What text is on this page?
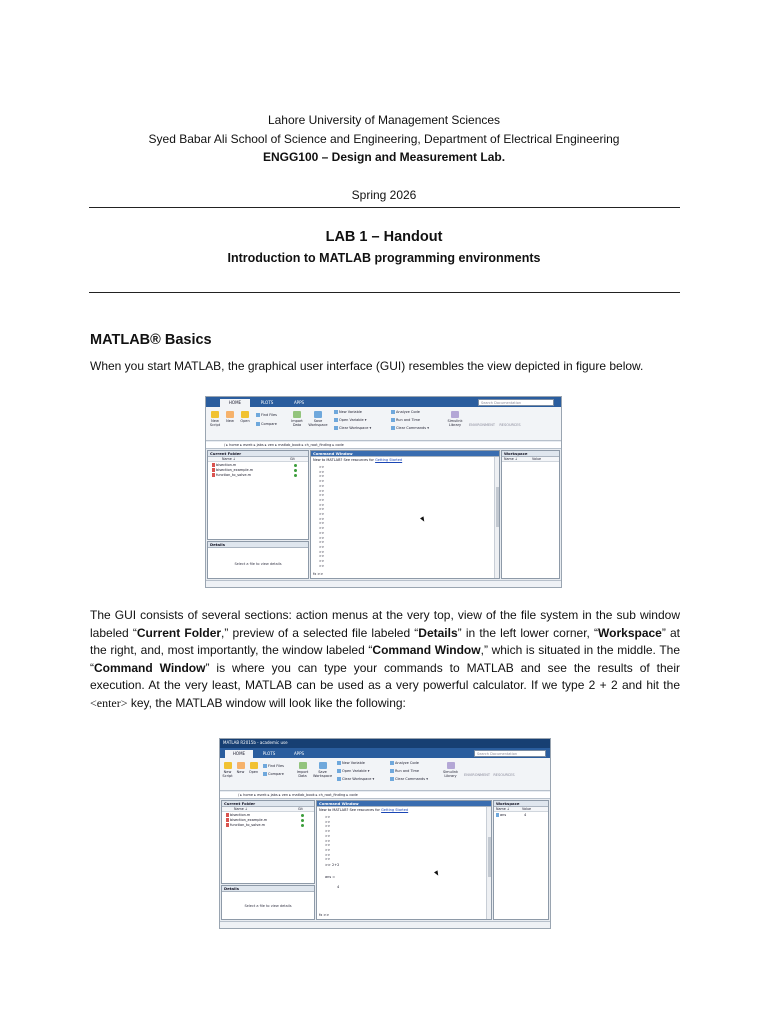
Lahore University of Management Sciences
Syed Babar Ali School of Science and Engineering, Department of Electrical Engineering
ENGG100 – Design and Measurement Lab.
Spring 2026
LAB 1 – Handout
Introduction to MATLAB programming environments
MATLAB® Basics
When you start MATLAB, the graphical user interface (GUI) resembles the view depicted in figure below.
HOME	PLOTS	APPS	Search Documentation
New Script
New	Open
Find Files
Compare
Import Data
Save Workspace
New Variable
Open Variable ▾
Clear Workspace ▾
Analyze Code
Run and Time
Clear Commands ▾
Simulink Library	ENVIRONMENT	RESOURCES
/ ▸ home ▸ esrek ▸ jabs ▸ ven ▸ matlab_book ▸ ch_root_finding ▸ code
Current Folder
Name ↓	Git
bisection.m
bisection_example.m
function_to_solve.m
Details
Select a file to view details
Command Window
New to MATLAB? See resources for Getting Started
>>
>>
>>
>>
>>
>>
>>
>>
>>
>>
>>
>>
>>
>>
>>
>>
>>
>>
>>
>>
>>
>>
fx >>
Workspace
Name ↓	Value
The GUI consists of several sections: action menus at the very top, view of the file system in the sub window labeled “Current Folder,” preview of a selected file labeled “Details” in the left lower corner, “Workspace” at the right, and, most importantly, the window labeled “Command Window,” which is situated in the middle. The “Command Window” is where you can type your commands to MATLAB and see the results of their execution. At the very least, MATLAB can be used as a very powerful calculator. If we type 2 + 2 and hit the <enter> key, the MATLAB window will look like the following:
MATLAB R2015b - academic use
HOME	PLOTS	APPS	Search Documentation
New Script
New	Open
Find Files
Compare	Import Data
Save Workspace
New Variable
Open Variable ▾
Clear Workspace ▾
Analyze Code
Run and Time
Clear Commands ▾
Simulink Library	ENVIRONMENT RESOURCES
/ ▸ home ▸ esrek ▸ jabs ▸ ven ▸ matlab_book ▸ ch_root_finding ▸ code
Current Folder
Name ↓	Git
bisection.m
bisection_example.m
function_to_solve.m
Details
Select a file to view details
Command Window
New to MATLAB? See resources for Getting Started
>>
>>
>>
>>
>>
>>
>>
>>
>>
>>
>> 2+2
ans =
4
fx >>
Workspace
Name ↓	Value
ans	4
